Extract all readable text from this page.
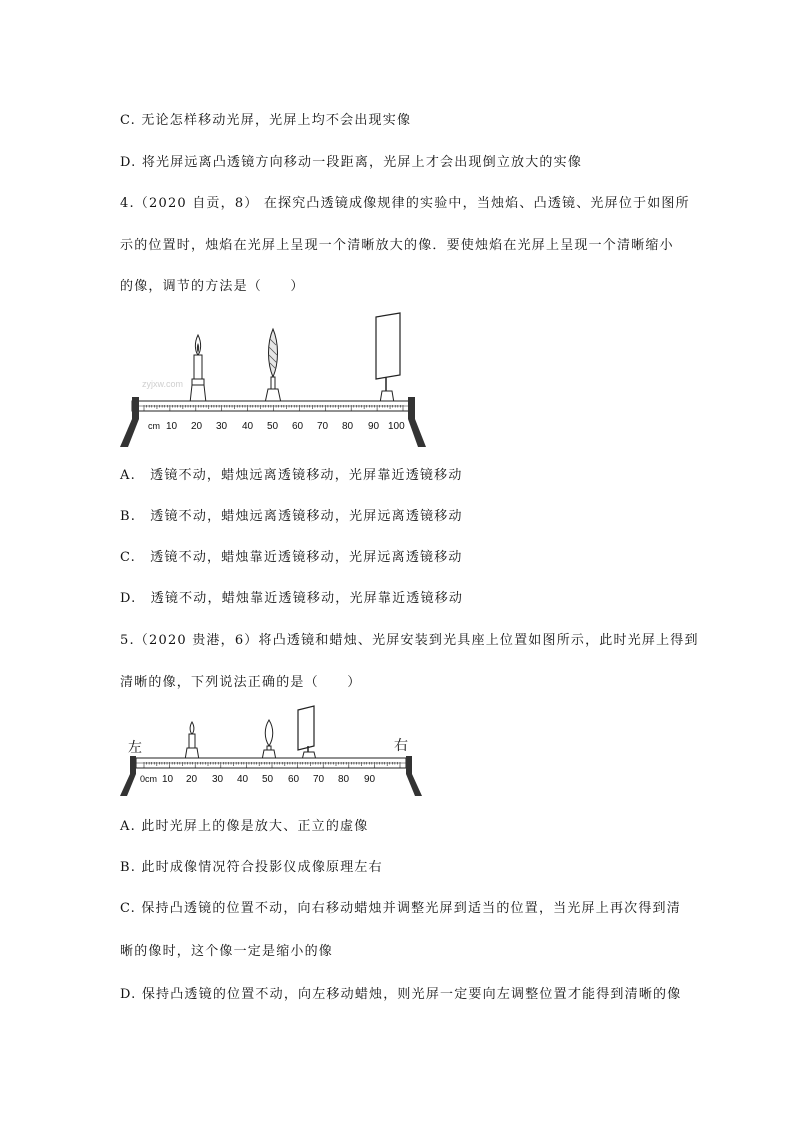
C. 无论怎样移动光屏，光屏上均不会出现实像
D. 将光屏远离凸透镜方向移动一段距离，光屏上才会出现倒立放大的实像
4.（2020 自贡，8） 在探究凸透镜成像规律的实验中，当烛焰、凸透镜、光屏位于如图所
示的位置时，烛焰在光屏上呈现一个清晰放大的像．要使烛焰在光屏上呈现一个清晰缩小
的像，调节的方法是（　　）
zyjxw.com
cm 10 20 30 40 50 60 70 80 90 100
A.　透镜不动，蜡烛远离透镜移动，光屏靠近透镜移动
B.　透镜不动，蜡烛远离透镜移动，光屏远离透镜移动
C.　透镜不动，蜡烛靠近透镜移动，光屏远离透镜移动
D.　透镜不动，蜡烛靠近透镜移动，光屏靠近透镜移动
5.（2020 贵港，6）将凸透镜和蜡烛、光屏安装到光具座上位置如图所示，此时光屏上得到
清晰的像，下列说法正确的是（　　）
左	右
0cm 10 20 30 40 50 60 70 80 90
A. 此时光屏上的像是放大、正立的虚像
B. 此时成像情况符合投影仪成像原理左右
C. 保持凸透镜的位置不动，向右移动蜡烛并调整光屏到适当的位置，当光屏上再次得到清
晰的像时，这个像一定是缩小的像
D. 保持凸透镜的位置不动，向左移动蜡烛，则光屏一定要向左调整位置才能得到清晰的像
